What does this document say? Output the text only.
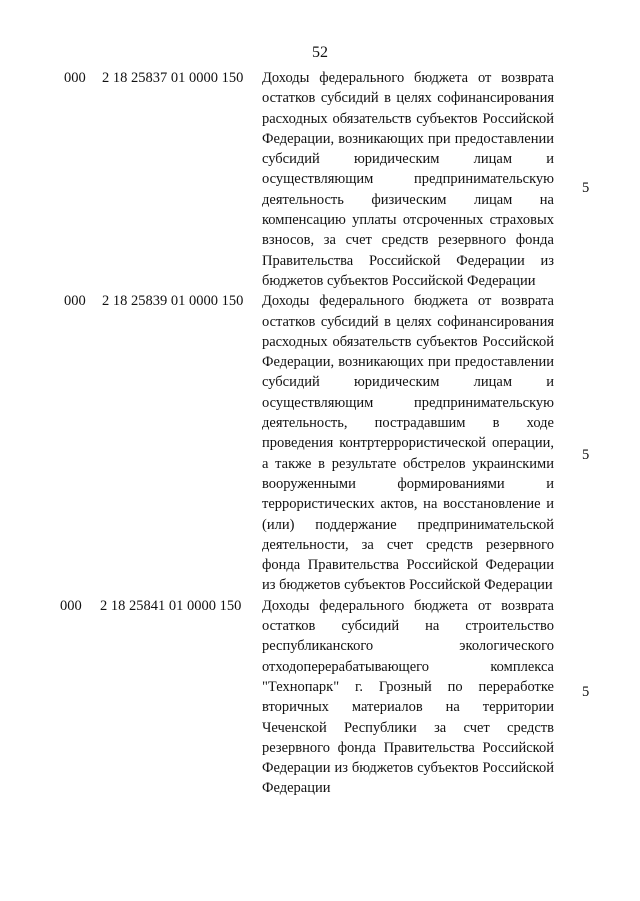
52
000 2 18 25837 01 0000 150 Доходы федерального бюджета от возврата остатков субсидий в целях софинансирования расходных обязательств субъектов Российской Федерации, возникающих при предоставлении субсидий юридическим лицам и осуществляющим предпринимательскую деятельность физическим лицам на компенсацию уплаты отсроченных страховых взносов, за счет средств резервного фонда Правительства Российской Федерации из бюджетов субъектов Российской Федерации
5
000 2 18 25839 01 0000 150 Доходы федерального бюджета от возврата остатков субсидий в целях софинансирования расходных обязательств субъектов Российской Федерации, возникающих при предоставлении субсидий юридическим лицам и осуществляющим предпринимательскую деятельность, пострадавшим в ходе проведения контртеррористической операции, а также в результате обстрелов украинскими вооруженными формированиями и террористических актов, на восстановление и (или) поддержание предпринимательской деятельности, за счет средств резервного фонда Правительства Российской Федерации из бюджетов субъектов Российской Федерации
5
000 2 18 25841 01 0000 150 Доходы федерального бюджета от возврата остатков субсидий на строительство республиканского экологического отходоперерабатывающего комплекса "Технопарк" г. Грозный по переработке вторичных материалов на территории Чеченской Республики за счет средств резервного фонда Правительства Российской Федерации из бюджетов субъектов Российской Федерации
5
